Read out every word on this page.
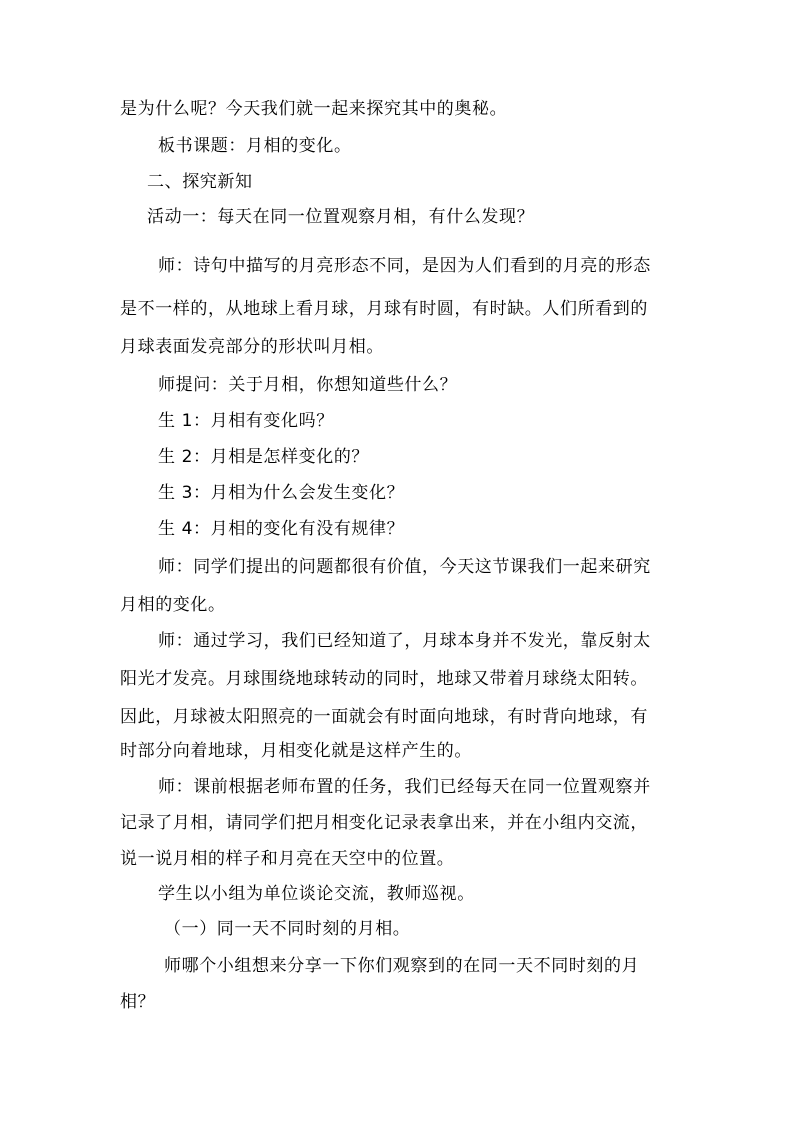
是为什么呢？今天我们就一起来探究其中的奥秘。
板书课题：月相的变化。
二、探究新知
活动一：每天在同一位置观察月相，有什么发现？
师：诗句中描写的月亮形态不同，是因为人们看到的月亮的形态
是不一样的，从地球上看月球，月球有时圆，有时缺。人们所看到的
月球表面发亮部分的形状叫月相。
师提问：关于月相，你想知道些什么？
生 1：月相有变化吗？
生 2：月相是怎样变化的？
生 3：月相为什么会发生变化？
生 4：月相的变化有没有规律？
师：同学们提出的问题都很有价值，今天这节课我们一起来研究
月相的变化。
师：通过学习，我们已经知道了，月球本身并不发光，靠反射太
阳光才发亮。月球围绕地球转动的同时，地球又带着月球绕太阳转。
因此，月球被太阳照亮的一面就会有时面向地球，有时背向地球，有
时部分向着地球，月相变化就是这样产生的。
师：课前根据老师布置的任务，我们已经每天在同一位置观察并
记录了月相，请同学们把月相变化记录表拿出来，并在小组内交流，
说一说月相的样子和月亮在天空中的位置。
学生以小组为单位谈论交流，教师巡视。
（一）同一天不同时刻的月相。
师哪个小组想来分享一下你们观察到的在同一天不同时刻的月
相？
